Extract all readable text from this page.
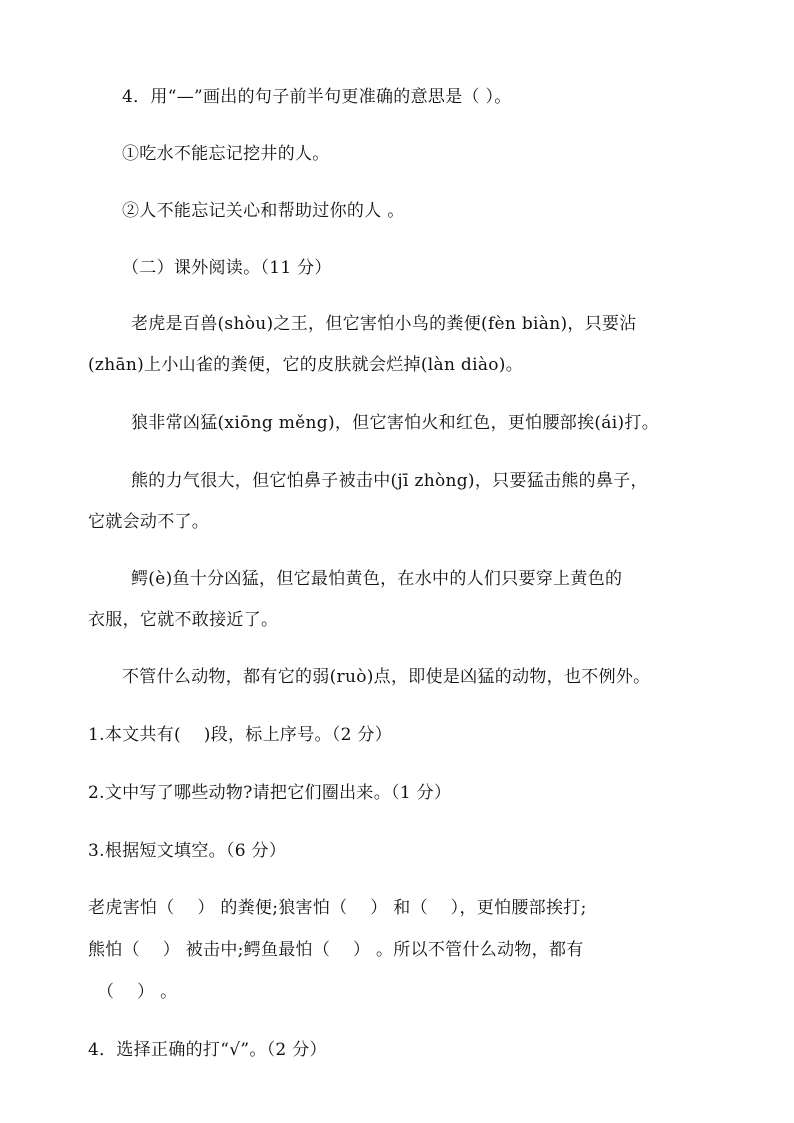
4．用“—”画出的句子前半句更准确的意思是（ ）。
①吃水不能忘记挖井的人。
②人不能忘记关心和帮助过你的人 。
（二）课外阅读。（11 分）
老虎是百兽(shòu)之王，但它害怕小鸟的粪便(fèn biàn)，只要沾
(zhān)上小山雀的粪便，它的皮肤就会烂掉(làn diào)。
狼非常凶猛(xiōng měng)，但它害怕火和红色，更怕腰部挨(ái)打。
熊的力气很大，但它怕鼻子被击中(jī zhòng)，只要猛击熊的鼻子，
它就会动不了。
鳄(è)鱼十分凶猛，但它最怕黄色，在水中的人们只要穿上黄色的
衣服，它就不敢接近了。
不管什么动物，都有它的弱(ruò)点，即使是凶猛的动物，也不例外。
1.本文共有(    )段，标上序号。（2 分）
2.文中写了哪些动物?请把它们圈出来。（1 分）
3.根据短文填空。（6 分）
老虎害怕（    ） 的粪便;狼害怕（    ） 和（    ），更怕腰部挨打;
熊怕（    ） 被击中;鳄鱼最怕（    ） 。所以不管什么动物，都有
（    ） 。
4．选择正确的打“√”。（2 分）
